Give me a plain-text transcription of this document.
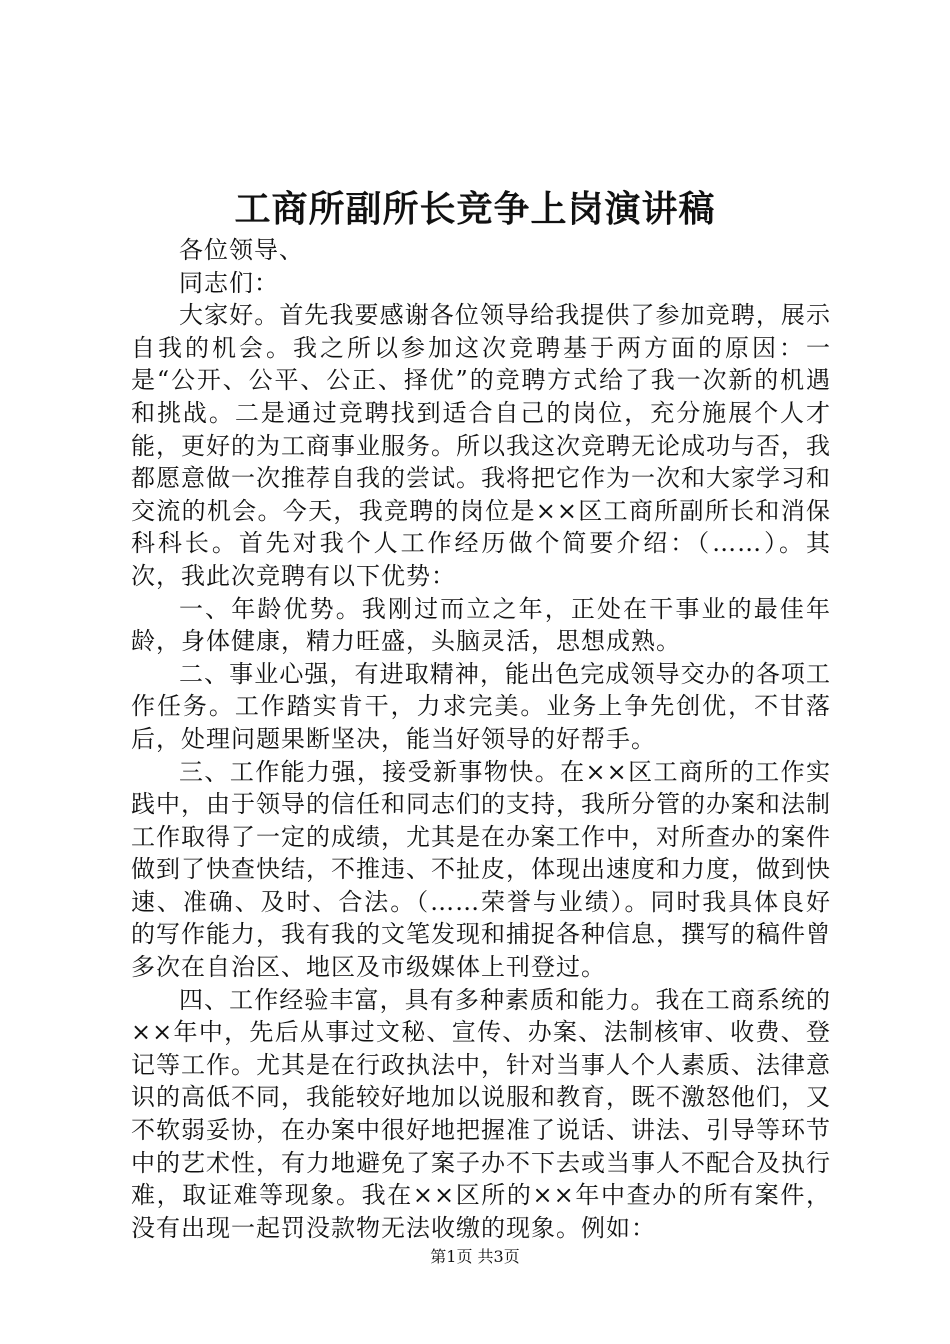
工商所副所长竞争上岗演讲稿

各位领导、

同志们：

大家好。首先我要感谢各位领导给我提供了参加竞聘，展示自我的机会。我之所以参加这次竞聘基于两方面的原因：一是“公开、公平、公正、择优”的竞聘方式给了我一次新的机遇和挑战。二是通过竞聘找到适合自己的岗位，充分施展个人才能，更好的为工商事业服务。所以我这次竞聘无论成功与否，我都愿意做一次推荐自我的尝试。我将把它作为一次和大家学习和交流的机会。今天，我竞聘的岗位是××区工商所副所长和消保科科长。首先对我个人工作经历做个简要介绍：（……）。其次，我此次竞聘有以下优势：

一、年龄优势。我刚过而立之年，正处在干事业的最佳年龄，身体健康，精力旺盛，头脑灵活，思想成熟。

二、事业心强，有进取精神，能出色完成领导交办的各项工作任务。工作踏实肯干，力求完美。业务上争先创优，不甘落后，处理问题果断坚决，能当好领导的好帮手。

三、工作能力强，接受新事物快。在××区工商所的工作实践中，由于领导的信任和同志们的支持，我所分管的办案和法制工作取得了一定的成绩，尤其是在办案工作中，对所查办的案件做到了快查快结，不推违、不扯皮，体现出速度和力度，做到快速、准确、及时、合法。（……荣誉与业绩）。同时我具体良好的写作能力，我有我的文笔发现和捕捉各种信息，撰写的稿件曾多次在自治区、地区及市级媒体上刊登过。

四、工作经验丰富，具有多种素质和能力。我在工商系统的××年中，先后从事过文秘、宣传、办案、法制核审、收费、登记等工作。尤其是在行政执法中，针对当事人个人素质、法律意识的高低不同，我能较好地加以说服和教育，既不激怒他们，又不软弱妥协，在办案中很好地把握准了说话、讲法、引导等环节中的艺术性，有力地避免了案子办不下去或当事人不配合及执行难，取证难等现象。我在××区所的××年中查办的所有案件，没有出现一起罚没款物无法收缴的现象。例如：

第1页 共3页
